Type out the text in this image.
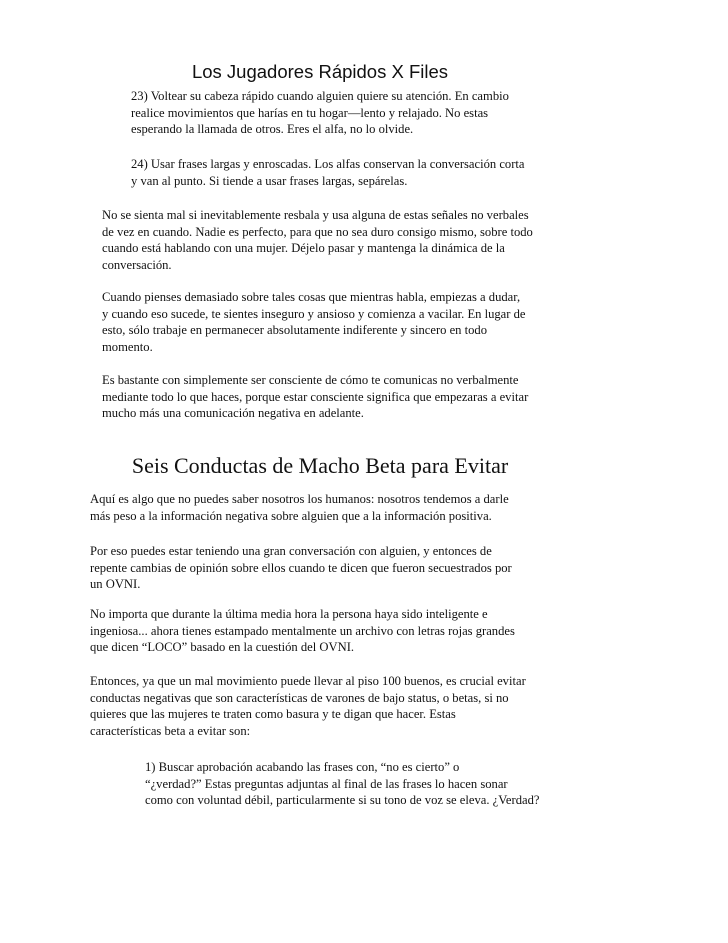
Los Jugadores Rápidos X Files

23) Voltear su cabeza rápido cuando alguien quiere su atención. En cambio
realice movimientos que harías en tu hogar—lento y relajado. No estas
esperando la llamada de otros. Eres el alfa, no lo olvide.

24) Usar frases largas y enroscadas. Los alfas conservan la conversación corta
y van al punto. Si tiende a usar frases largas, sepárelas.

No se sienta mal si inevitablemente resbala y usa alguna de estas señales no verbales
de vez en cuando. Nadie es perfecto, para que no sea duro consigo mismo, sobre todo
cuando está hablando con una mujer. Déjelo pasar y mantenga la dinámica de la
conversación.

Cuando pienses demasiado sobre tales cosas que mientras habla, empiezas a dudar,
y cuando eso sucede, te sientes inseguro y ansioso y comienza a vacilar. En lugar de
esto, sólo trabaje en permanecer absolutamente indiferente y sincero en todo
momento.

Es bastante con simplemente ser consciente de cómo te comunicas no verbalmente
mediante todo lo que haces, porque estar consciente significa que empezaras a evitar
mucho más una comunicación negativa en adelante.

Seis Conductas de Macho Beta para Evitar

Aquí es algo que no puedes saber nosotros los humanos: nosotros tendemos a darle
más peso a la información negativa sobre alguien que a la información positiva.

Por eso puedes estar teniendo una gran conversación con alguien, y entonces de
repente cambias de opinión sobre ellos cuando te dicen que fueron secuestrados por
un OVNI.

No importa que durante la última media hora la persona haya sido inteligente e
ingeniosa... ahora tienes estampado mentalmente un archivo con letras rojas grandes
que dicen “LOCO” basado en la cuestión del OVNI.

Entonces, ya que un mal movimiento puede llevar al piso 100 buenos, es crucial evitar
conductas negativas que son características de varones de bajo status, o betas, si no
quieres que las mujeres te traten como basura y te digan que hacer. Estas
características beta a evitar son:

1) Buscar aprobación acabando las frases con, “no es cierto” o
“¿verdad?” Estas preguntas adjuntas al final de las frases lo hacen sonar
como con voluntad débil, particularmente si su tono de voz se eleva. ¿Verdad?
